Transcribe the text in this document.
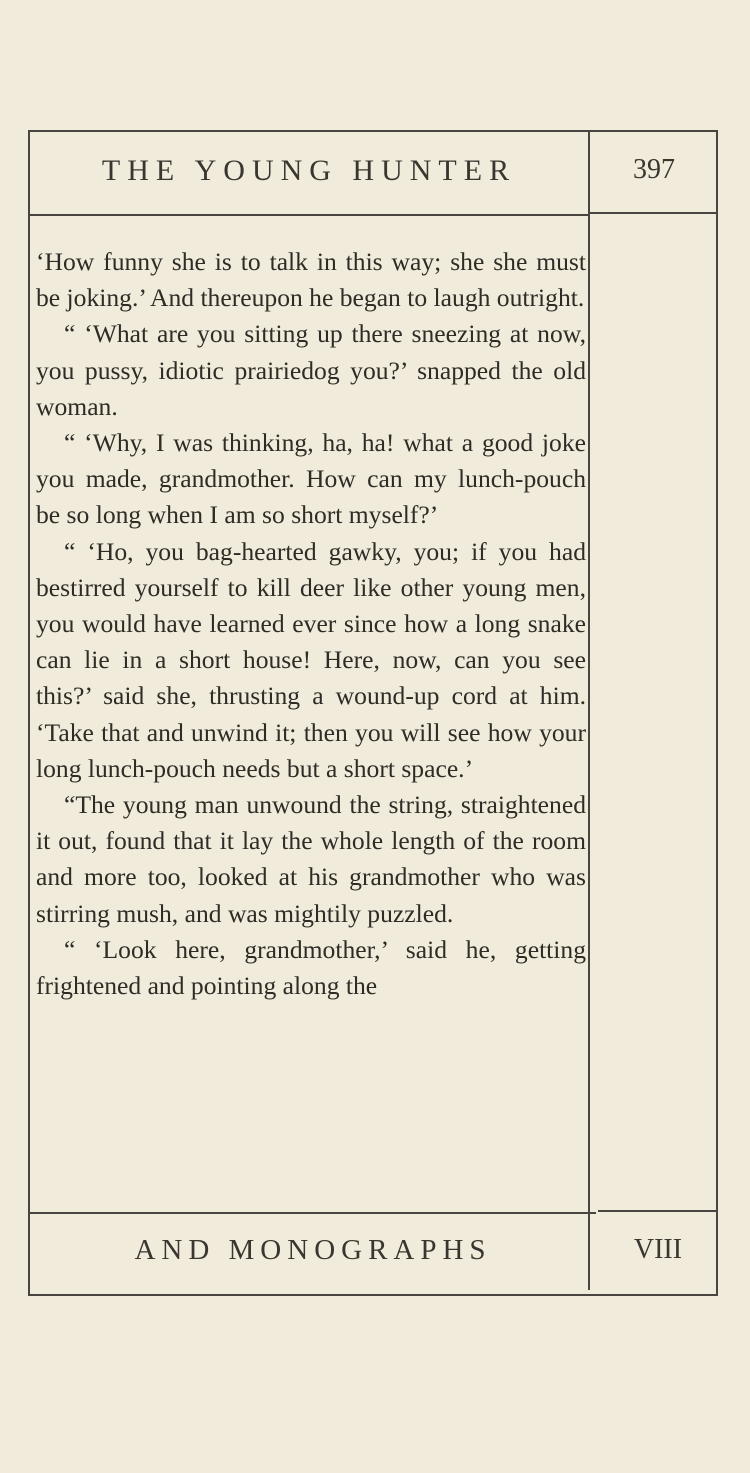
THE YOUNG HUNTER	397

‘How funny she is to talk in this way; she she must be joking.’ And thereupon he began to laugh outright.

“ ‘What are you sitting up there sneezing at now, you pussy, idiotic prairiedog you?’ snapped the old woman.

“ ‘Why, I was thinking, ha, ha! what a good joke you made, grandmother. How can my lunch-pouch be so long when I am so short myself?’

“ ‘Ho, you bag-hearted gawky, you; if you had bestirred yourself to kill deer like other young men, you would have learned ever since how a long snake can lie in a short house! Here, now, can you see this?’ said she, thrusting a wound-up cord at him. ‘Take that and unwind it; then you will see how your long lunch-pouch needs but a short space.’

“The young man unwound the string, straightened it out, found that it lay the whole length of the room and more too, looked at his grandmother who was stirring mush, and was mightily puzzled.

“ ‘Look here, grandmother,’ said he, getting frightened and pointing along the

AND MONOGRAPHS	VIII
